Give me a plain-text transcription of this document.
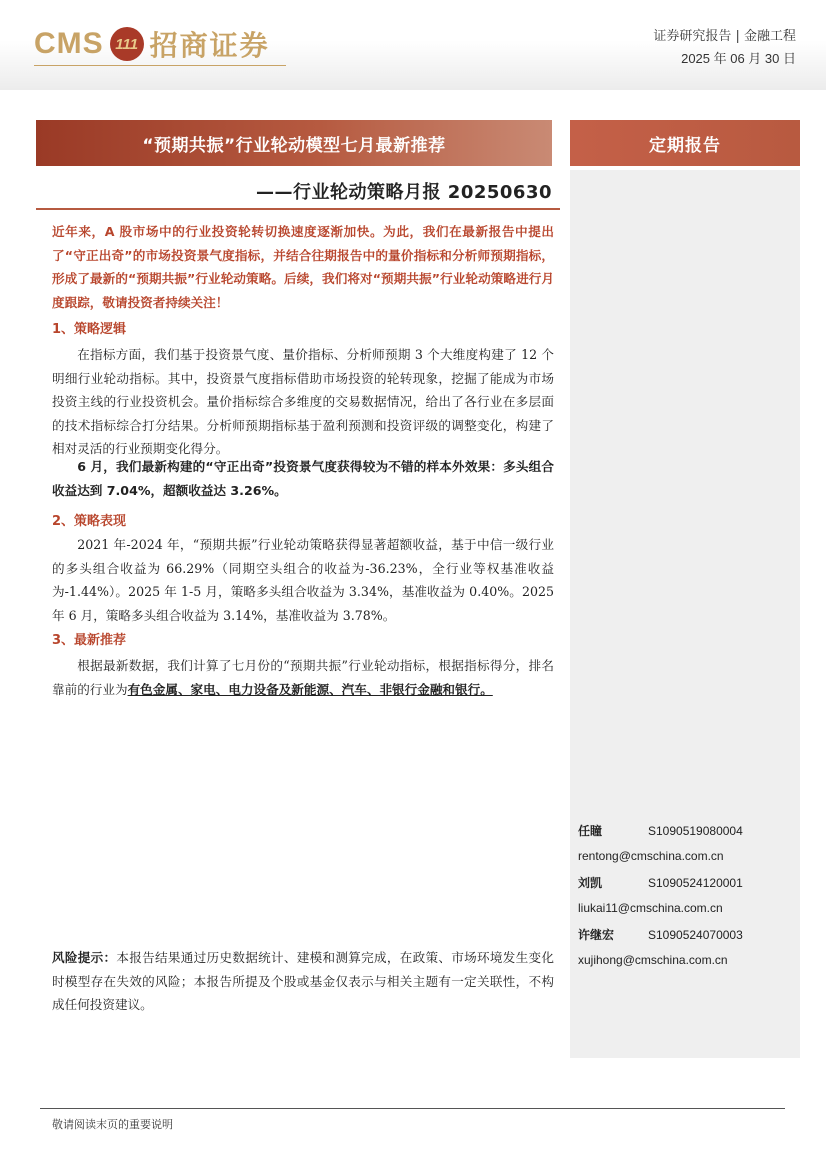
CMS 111 招商证券	证券研究报告 | 金融工程
2025 年 06 月 30 日
“预期共振”行业轮动模型七月最新推荐
——行业轮动策略月报 20250630
定期报告
近年来，A 股市场中的行业投资轮转切换速度逐渐加快。为此，我们在最新报告中提出了“守正出奇”的市场投资景气度指标，并结合往期报告中的量价指标和分析师预期指标，形成了最新的“预期共振”行业轮动策略。后续，我们将对“预期共振”行业轮动策略进行月度跟踪，敬请投资者持续关注！
1、策略逻辑
在指标方面，我们基于投资景气度、量价指标、分析师预期 3 个大维度构建了 12 个明细行业轮动指标。其中，投资景气度指标借助市场投资的轮转现象，挖掘了能成为市场投资主线的行业投资机会。量价指标综合多维度的交易数据情况，给出了各行业在多层面的技术指标综合打分结果。分析师预期指标基于盈利预测和投资评级的调整变化，构建了相对灵活的行业预期变化得分。
6 月，我们最新构建的“守正出奇”投资景气度获得较为不错的样本外效果：多头组合收益达到 7.04%，超额收益达 3.26%。
2、策略表现
2021 年-2024 年，“预期共振”行业轮动策略获得显著超额收益，基于中信一级行业的多头组合收益为 66.29%（同期空头组合的收益为-36.23%，全行业等权基准收益为-1.44%）。2025 年 1-5 月，策略多头组合收益为 3.34%，基准收益为 0.40%。2025 年 6 月，策略多头组合收益为 3.14%，基准收益为 3.78%。
3、最新推荐
根据最新数据，我们计算了七月份的“预期共振”行业轮动指标，根据指标得分，排名靠前的行业为有色金属、家电、电力设备及新能源、汽车、非银行金融和银行。
任瞳	S1090519080004
rentong@cmschina.com.cn
刘凯	S1090524120001
liukai11@cmschina.com.cn
许继宏	S1090524070003
xujihong@cmschina.com.cn
风险提示：本报告结果通过历史数据统计、建模和测算完成，在政策、市场环境发生变化时模型存在失效的风险；本报告所提及个股或基金仅表示与相关主题有一定关联性，不构成任何投资建议。
敬请阅读末页的重要说明
